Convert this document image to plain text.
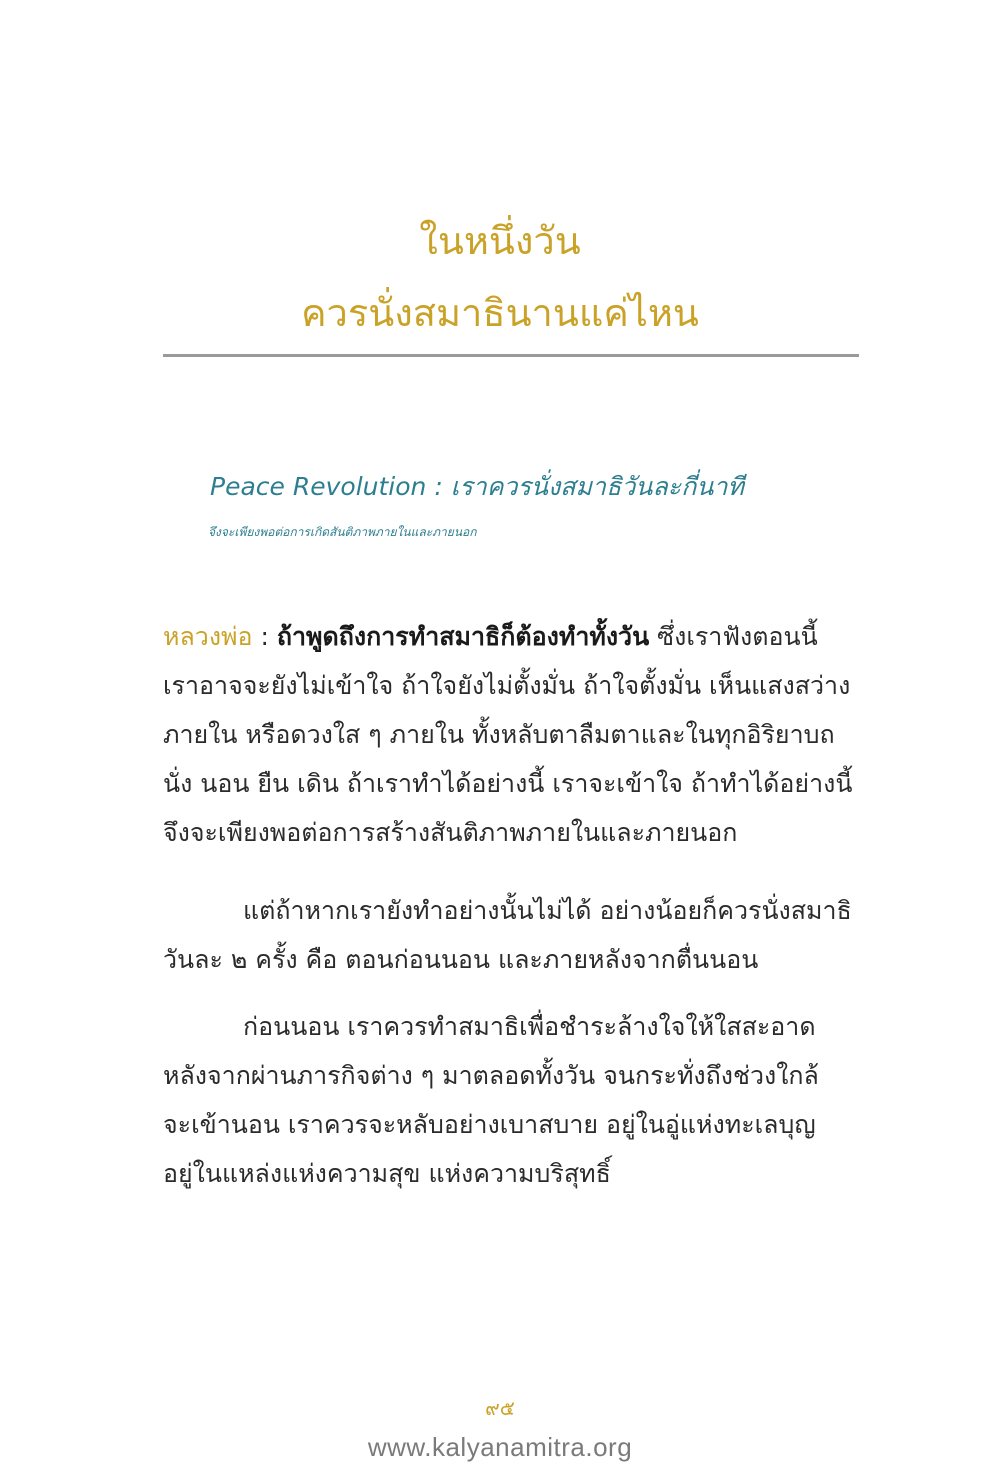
ในหนึ่งวัน
ควรนั่งสมาธินานแค่ไหน
Peace Revolution : เราควรนั่งสมาธิวันละกี่นาที
จึงจะเพียงพอต่อการเกิดสันติภาพภายในและภายนอก
หลวงพ่อ : ถ้าพูดถึงการทำสมาธิก็ต้องทำทั้งวัน ซึ่งเราฟังตอนนี้
เราอาจจะยังไม่เข้าใจ ถ้าใจยังไม่ตั้งมั่น ถ้าใจตั้งมั่น เห็นแสงสว่าง
ภายใน หรือดวงใส ๆ ภายใน ทั้งหลับตาลืมตาและในทุกอิริยาบถ
นั่ง นอน ยืน เดิน ถ้าเราทำได้อย่างนี้ เราจะเข้าใจ ถ้าทำได้อย่างนี้
จึงจะเพียงพอต่อการสร้างสันติภาพภายในและภายนอก
แต่ถ้าหากเรายังทำอย่างนั้นไม่ได้ อย่างน้อยก็ควรนั่งสมาธิ
วันละ ๒ ครั้ง คือ ตอนก่อนนอน และภายหลังจากตื่นนอน
ก่อนนอน เราควรทำสมาธิเพื่อชำระล้างใจให้ใสสะอาด
หลังจากผ่านภารกิจต่าง ๆ มาตลอดทั้งวัน จนกระทั่งถึงช่วงใกล้
จะเข้านอน เราควรจะหลับอย่างเบาสบาย อยู่ในอู่แห่งทะเลบุญ
อยู่ในแหล่งแห่งความสุข แห่งความบริสุทธิ์
๙๕
www.kalyanamitra.org
